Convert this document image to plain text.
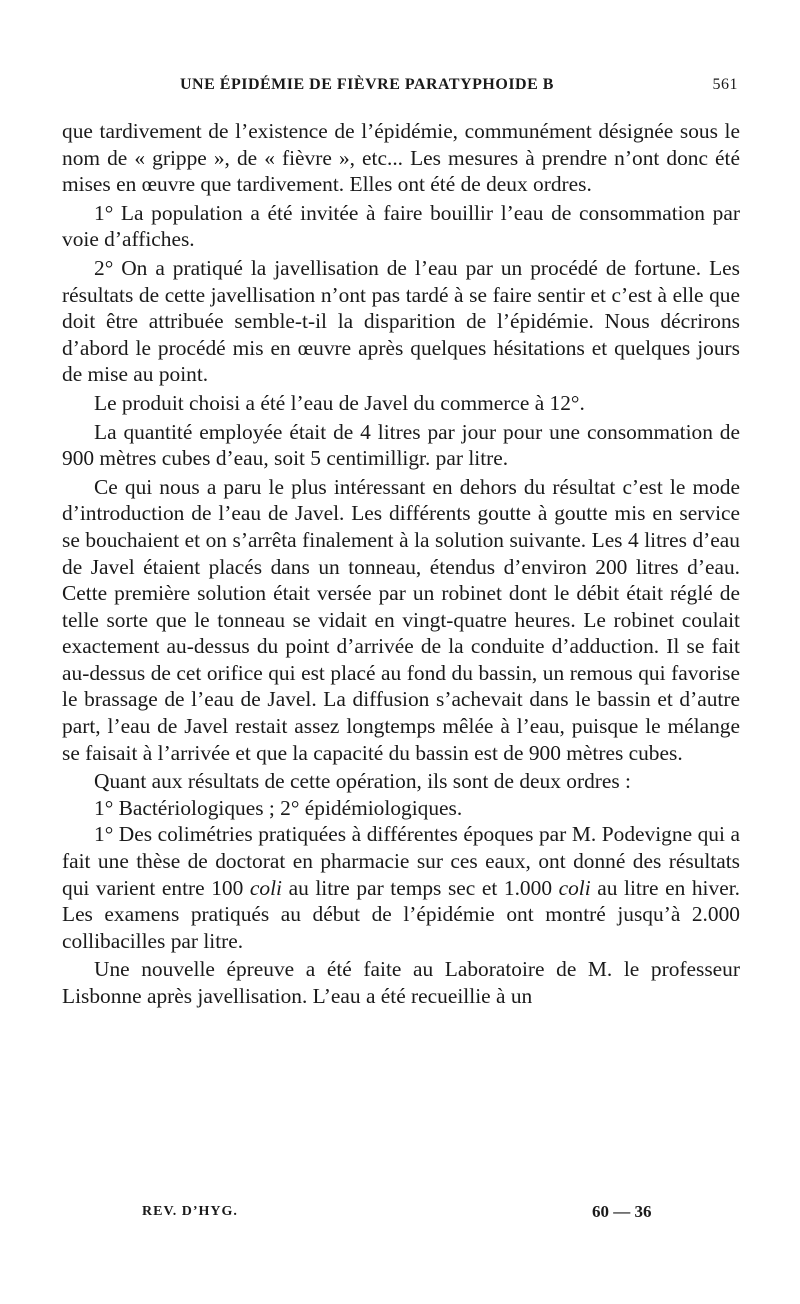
UNE ÉPIDÉMIE DE FIÈVRE PARATYPHOIDE B	561

que tardivement de l’existence de l’épidémie, communément désignée sous le nom de « grippe », de « fièvre », etc... Les mesures à prendre n’ont donc été mises en œuvre que tardivement. Elles ont été de deux ordres.

1° La population a été invitée à faire bouillir l’eau de consommation par voie d’affiches.

2° On a pratiqué la javellisation de l’eau par un procédé de fortune. Les résultats de cette javellisation n’ont pas tardé à se faire sentir et c’est à elle que doit être attribuée semble-t-il la disparition de l’épidémie. Nous décrirons d’abord le procédé mis en œuvre après quelques hésitations et quelques jours de mise au point.

Le produit choisi a été l’eau de Javel du commerce à 12°.

La quantité employée était de 4 litres par jour pour une consommation de 900 mètres cubes d’eau, soit 5 centimilligr. par litre.

Ce qui nous a paru le plus intéressant en dehors du résultat c’est le mode d’introduction de l’eau de Javel. Les différents goutte à goutte mis en service se bouchaient et on s’arrêta finalement à la solution suivante. Les 4 litres d’eau de Javel étaient placés dans un tonneau, étendus d’environ 200 litres d’eau. Cette première solution était versée par un robinet dont le débit était réglé de telle sorte que le tonneau se vidait en vingt-quatre heures. Le robinet coulait exactement au-dessus du point d’arrivée de la conduite d’adduction. Il se fait au-dessus de cet orifice qui est placé au fond du bassin, un remous qui favorise le brassage de l’eau de Javel. La diffusion s’achevait dans le bassin et d’autre part, l’eau de Javel restait assez longtemps mêlée à l’eau, puisque le mélange se faisait à l’arrivée et que la capacité du bassin est de 900 mètres cubes.

Quant aux résultats de cette opération, ils sont de deux ordres :

1° Bactériologiques ; 2° épidémiologiques.

1° Des colimétries pratiquées à différentes époques par M. Podevigne qui a fait une thèse de doctorat en pharmacie sur ces eaux, ont donné des résultats qui varient entre 100 coli au litre par temps sec et 1.000 coli au litre en hiver. Les examens pratiqués au début de l’épidémie ont montré jusqu’à 2.000 collibacilles par litre.

Une nouvelle épreuve a été faite au Laboratoire de M. le professeur Lisbonne après javellisation. L’eau a été recueillie à un

REV. D’HYG.	60 — 36
